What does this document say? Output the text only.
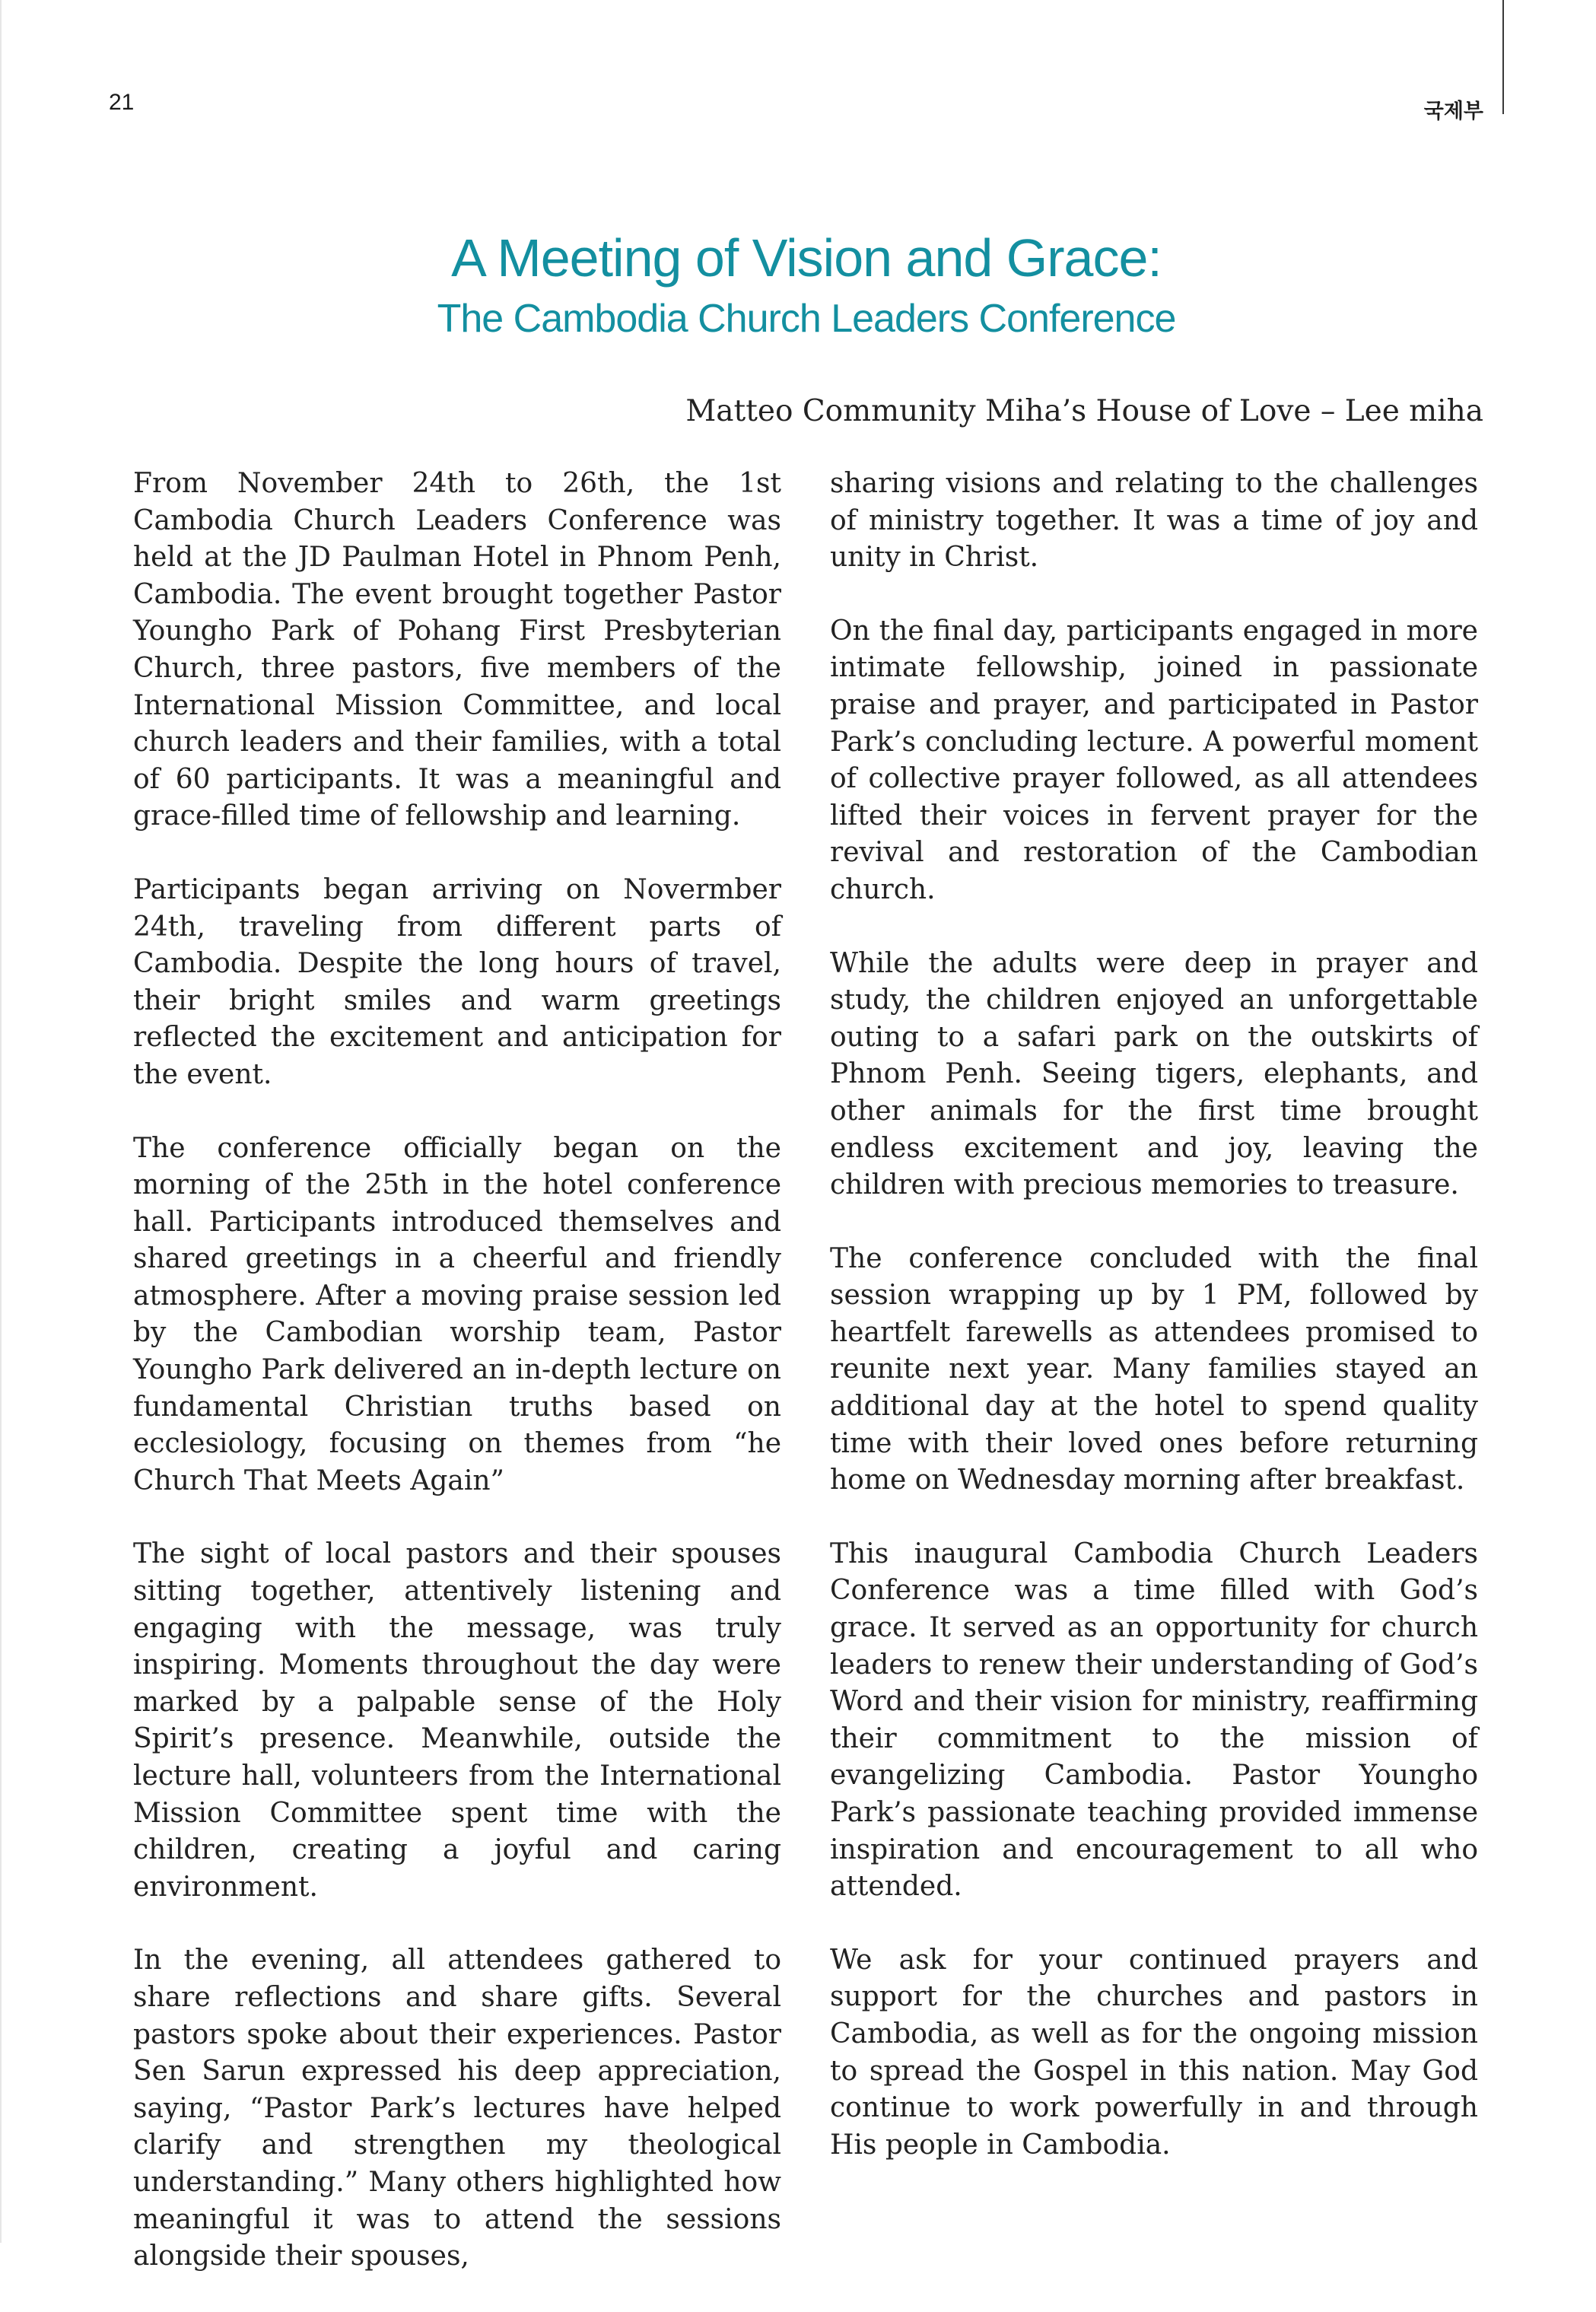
21	국제부
A Meeting of Vision and Grace:
The Cambodia Church Leaders Conference
Matteo Community Miha’s House of Love – Lee miha

From November 24th to 26th, the 1st Cambodia Church Leaders Conference was held at the JD Paulman Hotel in Phnom Penh, Cambodia. The event brought together Pastor Youngho Park of Pohang First Presbyterian Church, three pastors, five members of the International Mission Committee, and local church leaders and their families, with a total of 60 participants. It was a meaningful and grace-filled time of fellowship and learning.

Participants began arriving on Novermber 24th, traveling from different parts of Cambodia. Despite the long hours of travel, their bright smiles and warm greetings reflected the excitement and anticipation for the event.

The conference officially began on the morning of the 25th in the hotel conference hall. Participants introduced themselves and shared greetings in a cheerful and friendly atmosphere. After a moving praise session led by the Cambodian worship team, Pastor Youngho Park delivered an in-depth lecture on fundamental Christian truths based on ecclesiology, focusing on themes from “he Church That Meets Again”

The sight of local pastors and their spouses sitting together, attentively listening and engaging with the message, was truly inspiring. Moments throughout the day were marked by a palpable sense of the Holy Spirit’s presence. Meanwhile, outside the lecture hall, volunteers from the International Mission Committee spent time with the children, creating a joyful and caring environment.

In the evening, all attendees gathered to share reflections and share gifts. Several pastors spoke about their experiences. Pastor Sen Sarun expressed his deep appreciation, saying, “Pastor Park’s lectures have helped clarify and strengthen my theological understanding.” Many others highlighted how meaningful it was to attend the sessions alongside their spouses,

sharing visions and relating to the challenges of ministry together. It was a time of joy and unity in Christ.

On the final day, participants engaged in more intimate fellowship, joined in passionate praise and prayer, and participated in Pastor Park’s concluding lecture. A powerful moment of collective prayer followed, as all attendees lifted their voices in fervent prayer for the revival and restoration of the Cambodian church.

While the adults were deep in prayer and study, the children enjoyed an unforgettable outing to a safari park on the outskirts of Phnom Penh. Seeing tigers, elephants, and other animals for the first time brought endless excitement and joy, leaving the children with precious memories to treasure.

The conference concluded with the final session wrapping up by 1 PM, followed by heartfelt farewells as attendees promised to reunite next year. Many families stayed an additional day at the hotel to spend quality time with their loved ones before returning home on Wednesday morning after breakfast.

This inaugural Cambodia Church Leaders Conference was a time filled with God’s grace. It served as an opportunity for church leaders to renew their understanding of God’s Word and their vision for ministry, reaffirming their commitment to the mission of evangelizing Cambodia. Pastor Youngho Park’s passionate teaching provided immense inspiration and encouragement to all who attended.

We ask for your continued prayers and support for the churches and pastors in Cambodia, as well as for the ongoing mission to spread the Gospel in this nation. May God continue to work powerfully in and through His people in Cambodia.
